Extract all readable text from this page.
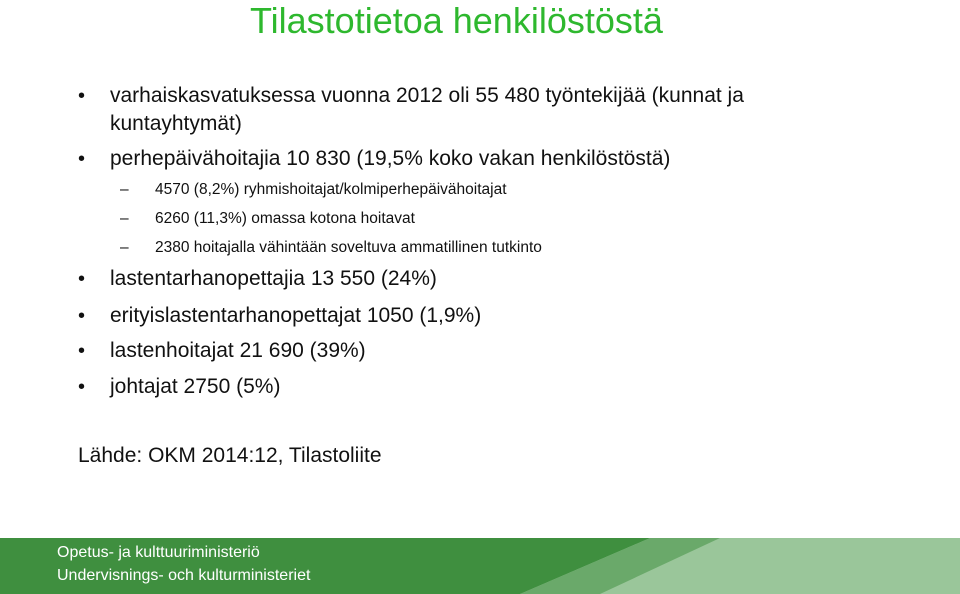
Tilastotietoa henkilöstöstä
• varhaiskasvatuksessa vuonna 2012 oli 55 480 työntekijää (kunnat ja kuntayhtymät)
• perhepäivähoitajia 10 830 (19,5% koko vakan henkilöstöstä)
– 4570 (8,2%) ryhmishoitajat/kolmiperhepäivähoitajat
– 6260 (11,3%) omassa kotona hoitavat
– 2380 hoitajalla vähintään soveltuva ammatillinen tutkinto
• lastentarhanopettajia 13 550 (24%)
• erityislastentarhanopettajat 1050 (1,9%)
• lastenhoitajat 21 690 (39%)
• johtajat 2750 (5%)
Lähde: OKM 2014:12, Tilastoliite
Opetus- ja kulttuuriministeriö
Undervisnings- och kulturministeriet
